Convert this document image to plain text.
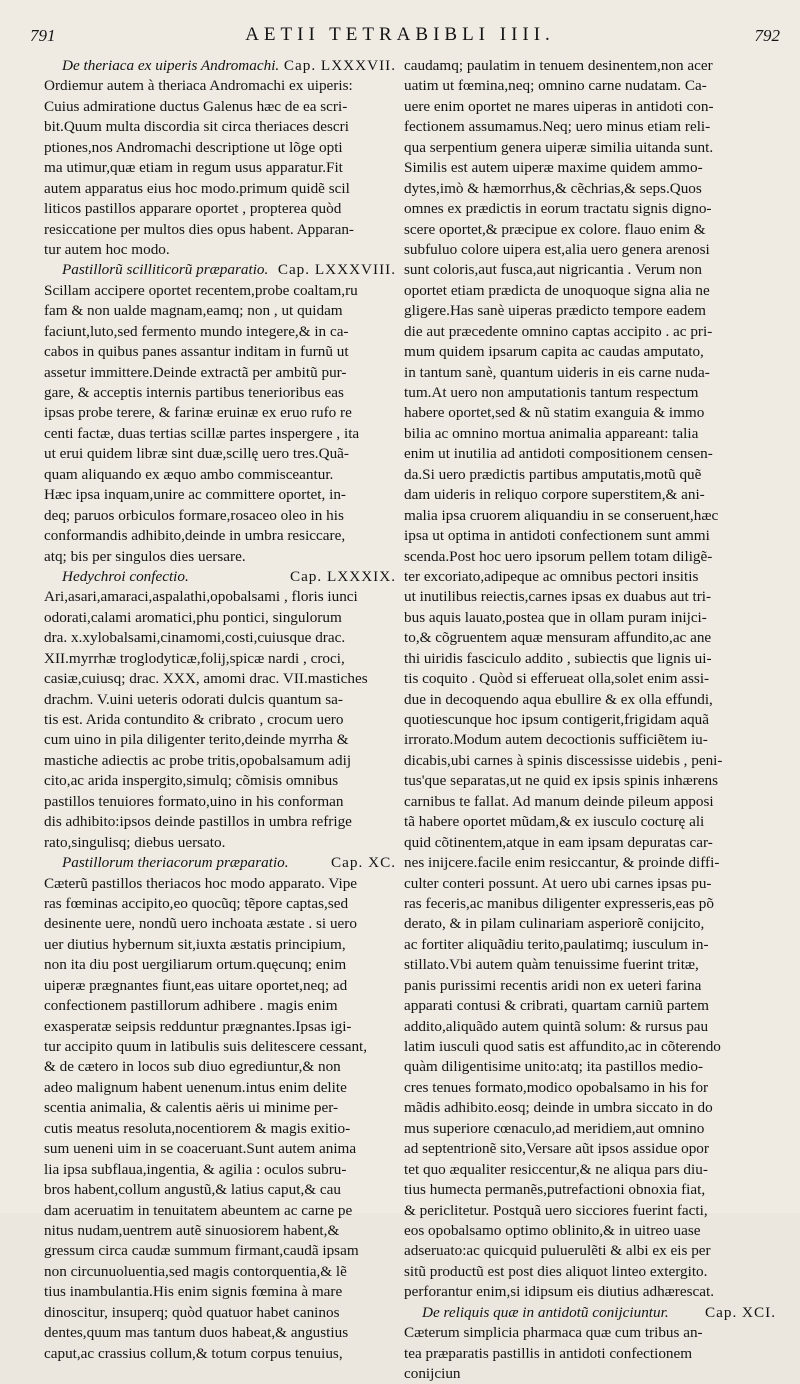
791	AETII TETRABIBLI IIII.	792
De theriaca ex uiperis Andromachi. Cap. LXXXVII.
Ordiemur autem à theriaca Andromachi ex uiperis:
Cuius admiratione ductus Galenus hæc de ea scri-
bit.Quum multa discordia sit circa theriaces descri
ptiones,nos Andromachi descriptione ut lõge opti
ma utimur,quæ etiam in regum usus apparatur.Fit
autem apparatus eius hoc modo.primum quidẽ scil
liticos pastillos apparare oportet , propterea quòd
resiccatione per multos dies opus habent. Apparan-
tur autem hoc modo.
Pastillorũ scilliticorũ præparatio. Cap. LXXXVIII.
Scillam accipere oportet recentem,probe coaltam,ru
fam & non ualde magnam,eamq; non , ut quidam
faciunt,luto,sed fermento mundo integere,& in ca-
cabos in quibus panes assantur inditam in furnũ ut
assetur immittere.Deinde extractã per ambitũ pur-
gare, & acceptis internis partibus tenerioribus eas
ipsas probe terere, & farinæ eruinæ ex eruo rufo re
centi factæ, duas tertias scillæ partes inspergere , ita
ut erui quidem libræ sint duæ,scillę uero tres.Quã-
quam aliquando ex æquo ambo commisceantur.
Hæc ipsa inquam,unire ac committere oportet, in-
deq; paruos orbiculos formare,rosaceo oleo in his
conformandis adhibito,deinde in umbra resiccare,
atq; bis per singulos dies uersare.
Hedychroi confectio.	Cap. LXXXIX.
Ari,asari,amaraci,aspalathi,opobalsami , floris iunci
odorati,calami aromatici,phu pontici, singulorum
dra. x.xylobalsami,cinamomi,costi,cuiusque drac.
XII.myrrhæ troglodyticæ,folij,spicæ nardi , croci,
casiæ,cuiusq; drac. XXX, amomi drac. VII.mastiches
drachm. V.uini ueteris odorati dulcis quantum sa-
tis est. Arida contundito & cribrato , crocum uero
cum uino in pila diligenter terito,deinde myrrha &
mastiche adiectis ac probe tritis,opobalsamum adij
cito,ac arida inspergito,simulq; cõmisis omnibus
pastillos tenuiores formato,uino in his conforman
dis adhibito:ipsos deinde pastillos in umbra refrige
rato,singulisq; diebus uersato.
Pastillorum theriacorum præparatio.	Cap. XC.
Cæterũ pastillos theriacos hoc modo apparato. Vipe
ras fœminas accipito,eo quocũq; tẽpore captas,sed
desinente uere, nondũ uero inchoata æstate . si uero
uer diutius hybernum sit,iuxta æstatis principium,
non ita diu post uergiliarum ortum.quęcunq; enim
uiperæ prægnantes fiunt,eas uitare oportet,neq; ad
confectionem pastillorum adhibere . magis enim
exasperatæ seipsis redduntur prægnantes.Ipsas igi-
tur accipito quum in latibulis suis delitescere cessant,
& de cætero in locos sub diuo egrediuntur,& non
adeo malignum habent uenenum.intus enim delite
scentia animalia, & calentis aëris ui minime per-
cutis meatus resoluta,nocentiorem & magis exitio-
sum ueneni uim in se coaceruant.Sunt autem anima
lia ipsa subflaua,ingentia, & agilia : oculos subru-
bros habent,collum angustũ,& latius caput,& cau
dam aceruatim in tenuitatem abeuntem ac carne pe
nitus nudam,uentrem autẽ sinuosiorem habent,&
gressum circa caudæ summum firmant,caudã ipsam
non circunuoluentia,sed magis contorquentia,& lẽ
tius inambulantia.His enim signis fœmina à mare
dinoscitur, insuperq; quòd quatuor habet caninos
dentes,quum mas tantum duos habeat,& angustius
caput,ac crassius collum,& totum corpus tenuius,
caudamq; paulatim in tenuem desinentem,non acer
uatim ut fœmina,neq; omnino carne nudatam. Ca-
uere enim oportet ne mares uiperas in antidoti con-
fectionem assumamus.Neq; uero minus etiam reli-
qua serpentium genera uiperæ similia uitanda sunt.
Similis est autem uiperæ maxime quidem ammo-
dytes,imò & hæmorrhus,& cẽchrias,& seps.Quos
omnes ex prædictis in eorum tractatu signis digno-
scere oportet,& præcipue ex colore. flauo enim &
subfuluo colore uipera est,alia uero genera arenosi
sunt coloris,aut fusca,aut nigricantia . Verum non
oportet etiam prædicta de unoquoque signa alia ne
gligere.Has sanè uiperas prædicto tempore eadem
die aut præcedente omnino captas accipito . ac pri-
mum quidem ipsarum capita ac caudas amputato,
in tantum sanè, quantum uideris in eis carne nuda-
tum.At uero non amputationis tantum respectum
habere oportet,sed & nũ statim exanguia & immo
bilia ac omnino mortua animalia appareant: talia
enim ut inutilia ad antidoti compositionem censen-
da.Si uero prædictis partibus amputatis,motũ quẽ
dam uideris in reliquo corpore superstitem,& ani-
malia ipsa cruorem aliquandiu in se conseruent,hæc
ipsa ut optima in antidoti confectionem sunt ammi
scenda.Post hoc uero ipsorum pellem totam diligẽ-
ter excoriato,adipeque ac omnibus pectori insitis
ut inutilibus reiectis,carnes ipsas ex duabus aut tri-
bus aquis lauato,postea que in ollam puram inijci-
to,& cõgruentem aquæ mensuram affundito,ac ane
thi uiridis fasciculo addito , subiectis que lignis ui-
tis coquito . Quòd si efferueat olla,solet enim assi-
due in decoquendo aqua ebullire & ex olla effundi,
quotiescunque hoc ipsum contigerit,frigidam aquã
irrorato.Modum autem decoctionis sufficiẽtem iu-
dicabis,ubi carnes à spinis discessisse uidebis , peni-
tus'que separatas,ut ne quid ex ipsis spinis inhærens
carnibus te fallat. Ad manum deinde pileum apposi
tã habere oportet mũdam,& ex iusculo cocturę ali
quid cõtinentem,atque in eam ipsam depuratas car-
nes inijcere.facile enim resiccantur, & proinde diffi-
culter conteri possunt. At uero ubi carnes ipsas pu-
ras feceris,ac manibus diligenter expresseris,eas põ
derato, & in pilam culinariam asperiorẽ conijcito,
ac fortiter aliquãdiu terito,paulatimq; iusculum in-
stillato.Vbi autem quàm tenuissime fuerint tritæ,
panis purissimi recentis aridi non ex ueteri farina
apparati contusi & cribrati, quartam carniũ partem
addito,aliquãdo autem quintã solum: & rursus pau
latim iusculi quod satis est affundito,ac in cõterendo
quàm diligentisime unito:atq; ita pastillos medio-
cres tenues formato,modico opobalsamo in his for
mãdis adhibito.eosq; deinde in umbra siccato in do
mus superiore cœnaculo,ad meridiem,aut omnino
ad septentrionẽ sito,Versare aũt ipsos assidue opor
tet quo æqualiter resiccentur,& ne aliqua pars diu-
tius humecta permanẽs,putrefactioni obnoxia fiat,
& periclitetur. Postquã uero sicciores fuerint facti,
eos opobalsamo optimo oblinito,& in uitreo uase
adseruato:ac quicquid puluerulẽti & albi ex eis per
sitũ productũ est post dies aliquot linteo extergito.
perforantur enim,si idipsum eis diutius adhærescat.
De reliquis quæ in antidotũ conijciuntur. Cap. XCI.
Cæterum simplicia pharmaca quæ cum tribus an-
tea præparatis pastillis in antidoti confectionem
conijciun
